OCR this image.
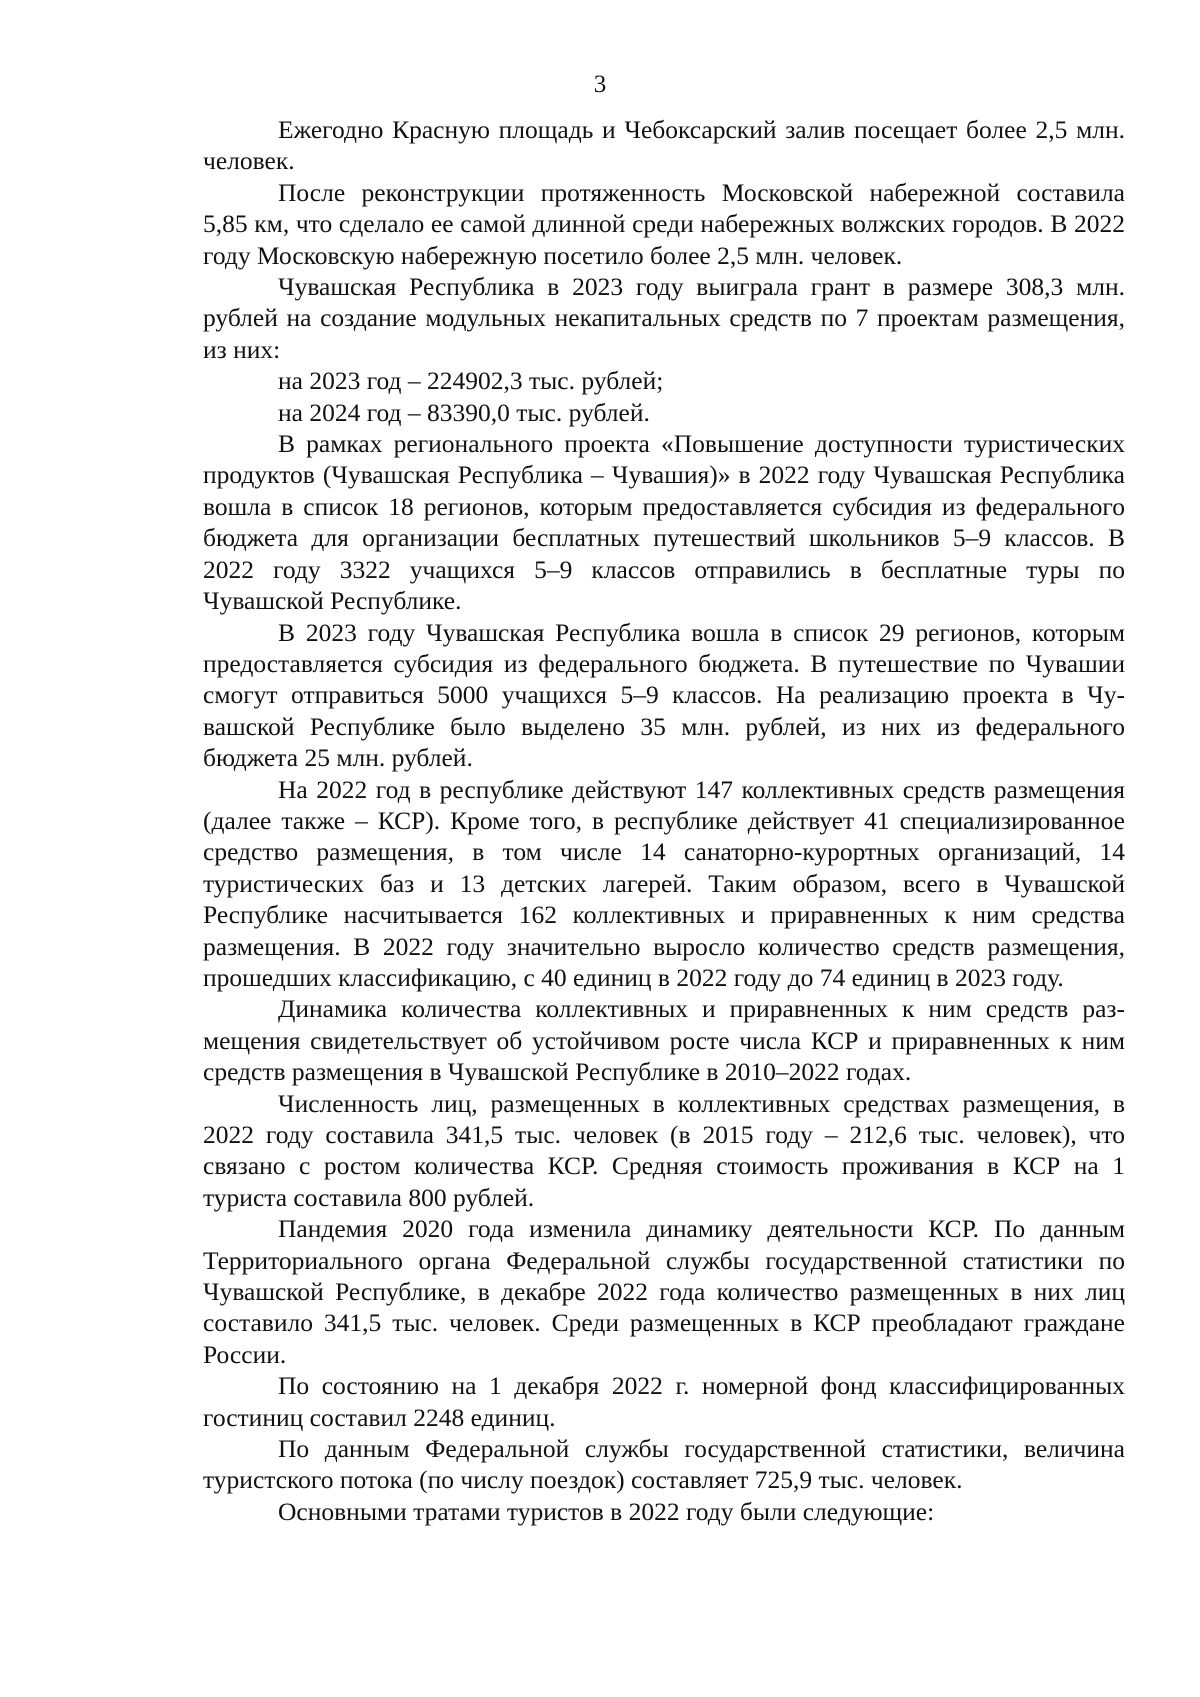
3

Ежегодно Красную площадь и Чебоксарский залив посещает более 2,5 млн. человек.

После реконструкции протяженность Московской набережной составила 5,85 км, что сделало ее самой длинной среди набережных волжских городов. В 2022 году Московскую набережную посетило более 2,5 млн. человек.

Чувашская Республика в 2023 году выиграла грант в размере 308,3 млн. рублей на создание модульных некапитальных средств по 7 проектам размещения, из них:

на 2023 год – 224902,3 тыс. рублей;

на 2024 год – 83390,0 тыс. рублей.

В рамках регионального проекта «Повышение доступности туристических продуктов (Чувашская Республика – Чувашия)» в 2022 году Чувашская Республика вошла в список 18 регионов, которым предоставляется субсидия из федерального бюджета для организации бесплатных путешествий школьников 5–9 классов. В 2022 году 3322 учащихся 5–9 классов отправились в бесплатные туры по Чувашской Республике.

В 2023 году Чувашская Республика вошла в список 29 регионов, которым предоставляется субсидия из федерального бюджета. В путешествие по Чувашии смогут отправиться 5000 учащихся 5–9 классов. На реализацию проекта в Чувашской Республике было выделено 35 млн. рублей, из них из федерального бюджета 25 млн. рублей.

На 2022 год в республике действуют 147 коллективных средств размещения (далее также – КСР). Кроме того, в республике действует 41 специализированное средство размещения, в том числе 14 санаторно-курортных организаций, 14 туристических баз и 13 детских лагерей. Таким образом, всего в Чувашской Республике насчитывается 162 коллективных и приравненных к ним средства размещения. В 2022 году значительно выросло количество средств размещения, прошедших классификацию, с 40 единиц в 2022 году до 74 единиц в 2023 году.

Динамика количества коллективных и приравненных к ним средств размещения свидетельствует об устойчивом росте числа КСР и приравненных к ним средств размещения в Чувашской Республике в 2010–2022 годах.

Численность лиц, размещенных в коллективных средствах размещения, в 2022 году составила 341,5 тыс. человек (в 2015 году – 212,6 тыс. человек), что связано с ростом количества КСР. Средняя стоимость проживания в КСР на 1 туриста составила 800 рублей.

Пандемия 2020 года изменила динамику деятельности КСР. По данным Территориального органа Федеральной службы государственной статистики по Чувашской Республике, в декабре 2022 года количество размещенных в них лиц составило 341,5 тыс. человек. Среди размещенных в КСР преобладают граждане России.

По состоянию на 1 декабря 2022 г. номерной фонд классифицированных гостиниц составил 2248 единиц.

По данным Федеральной службы государственной статистики, величина туристского потока (по числу поездок) составляет 725,9 тыс. человек.

Основными тратами туристов в 2022 году были следующие:
